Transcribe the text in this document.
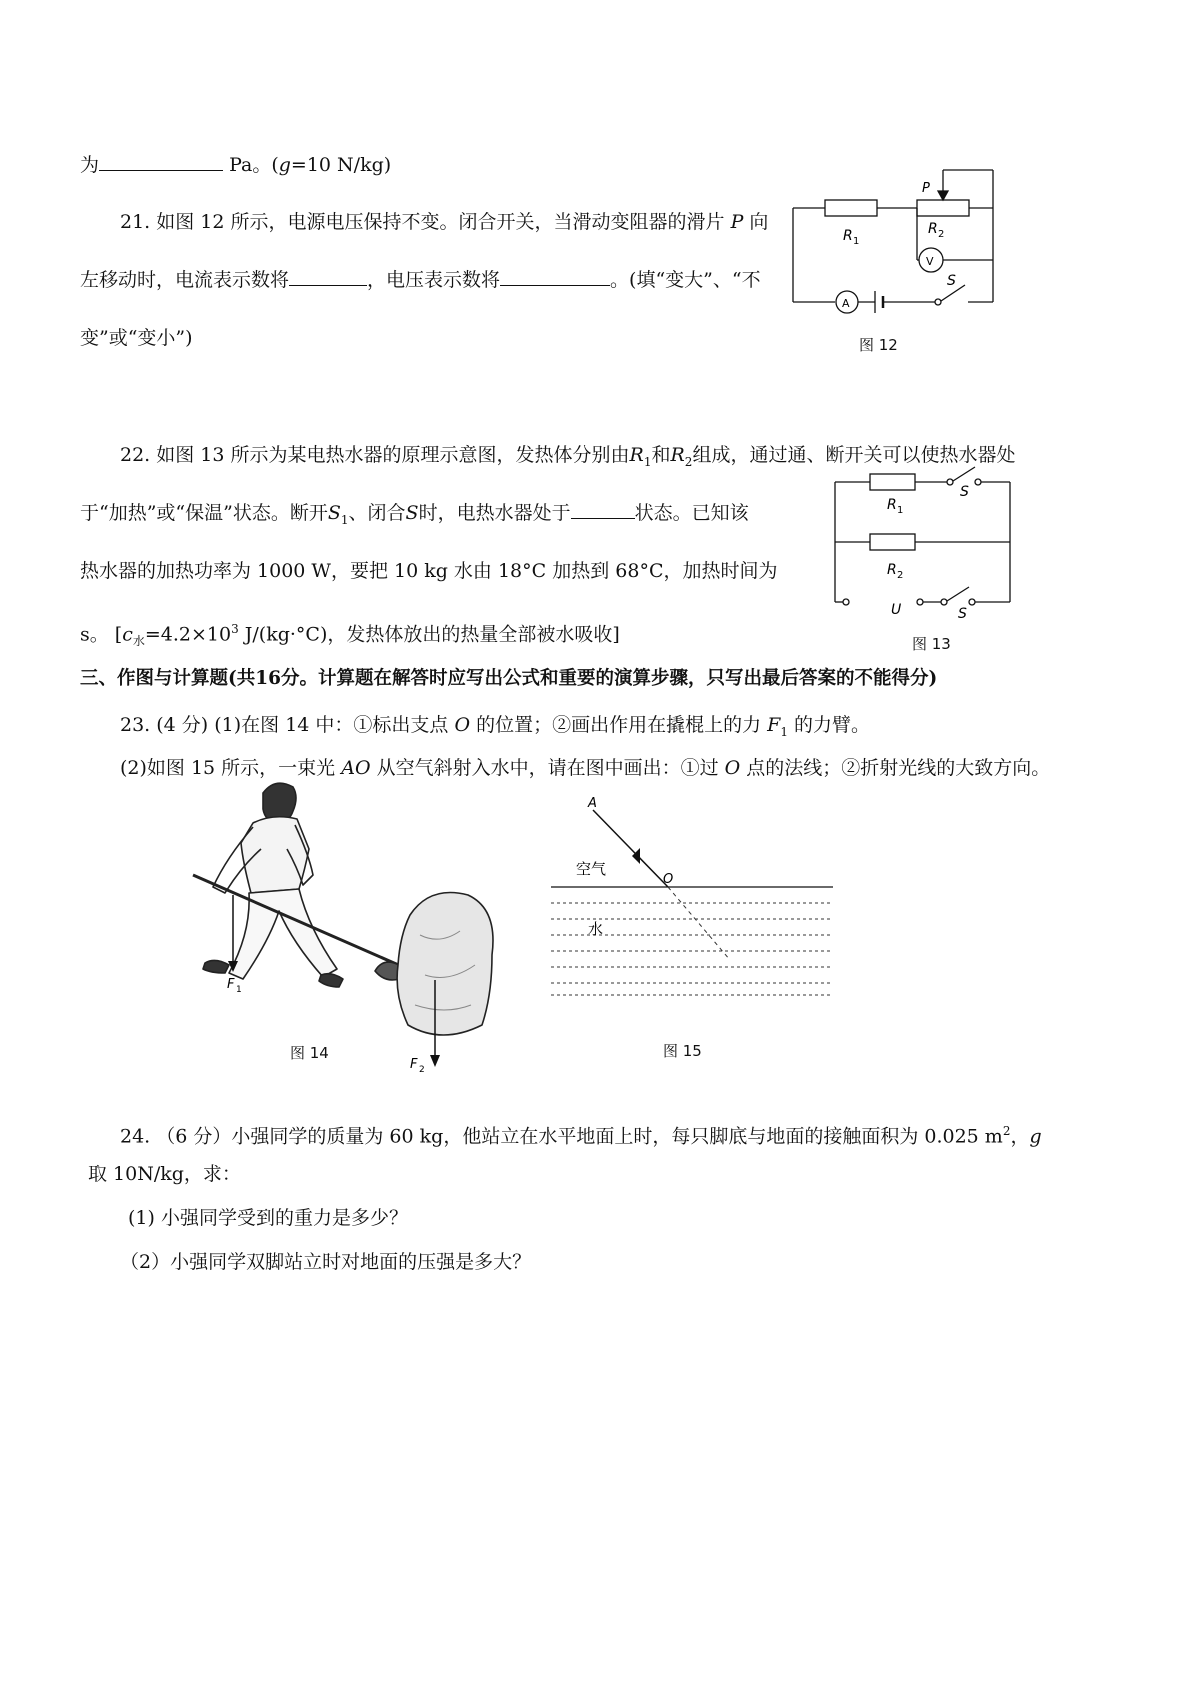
为	Pa。(g=10 N/kg)
21. 如图 12 所示，电源电压保持不变。闭合开关，当滑动变阻器的滑片 P 向
左移动时，电流表示数将	，电压表示数将	。(填“变大”、“不
变”或“变小”)
R 1
R 2
P
V
A
S
图 12
22. 如图 13 所示为某电热水器的原理示意图，发热体分别由$R_1$和$R_2$组成，通过通、断开关可以使热水器处
于“加热”或“保温”状态。断开$S_1$、闭合S时，电热水器处于	状态。已知该
热水器的加热功率为 1000 W，要把 10 kg 水由 18°C 加热到 68°C，加热时间为
s。 [$c_水=4.2\times 10^3$ J/(kg·°C)，发热体放出的热量全部被水吸收]
R 1
R 2
S
S
U
图 13
三、作图与计算题(共16分。计算题在解答时应写出公式和重要的演算步骤，只写出最后答案的不能得分)
23. (4 分) (1)在图 14 中：①标出支点 O 的位置；②画出作用在撬棍上的力 $F_1$ 的力臂。
(2)如图 15 所示，一束光 AO 从空气斜射入水中，请在图中画出：①过 O 点的法线；②折射光线的大致方向。
F 1
F 2
图 14
A
O
空气
水
图 15
24. （6 分）小强同学的质量为 60 kg，他站立在水平地面上时，每只脚底与地面的接触面积为 0.025 $m^2$，g
取 10N/kg，求：
(1) 小强同学受到的重力是多少？
（2）小强同学双脚站立时对地面的压强是多大？
